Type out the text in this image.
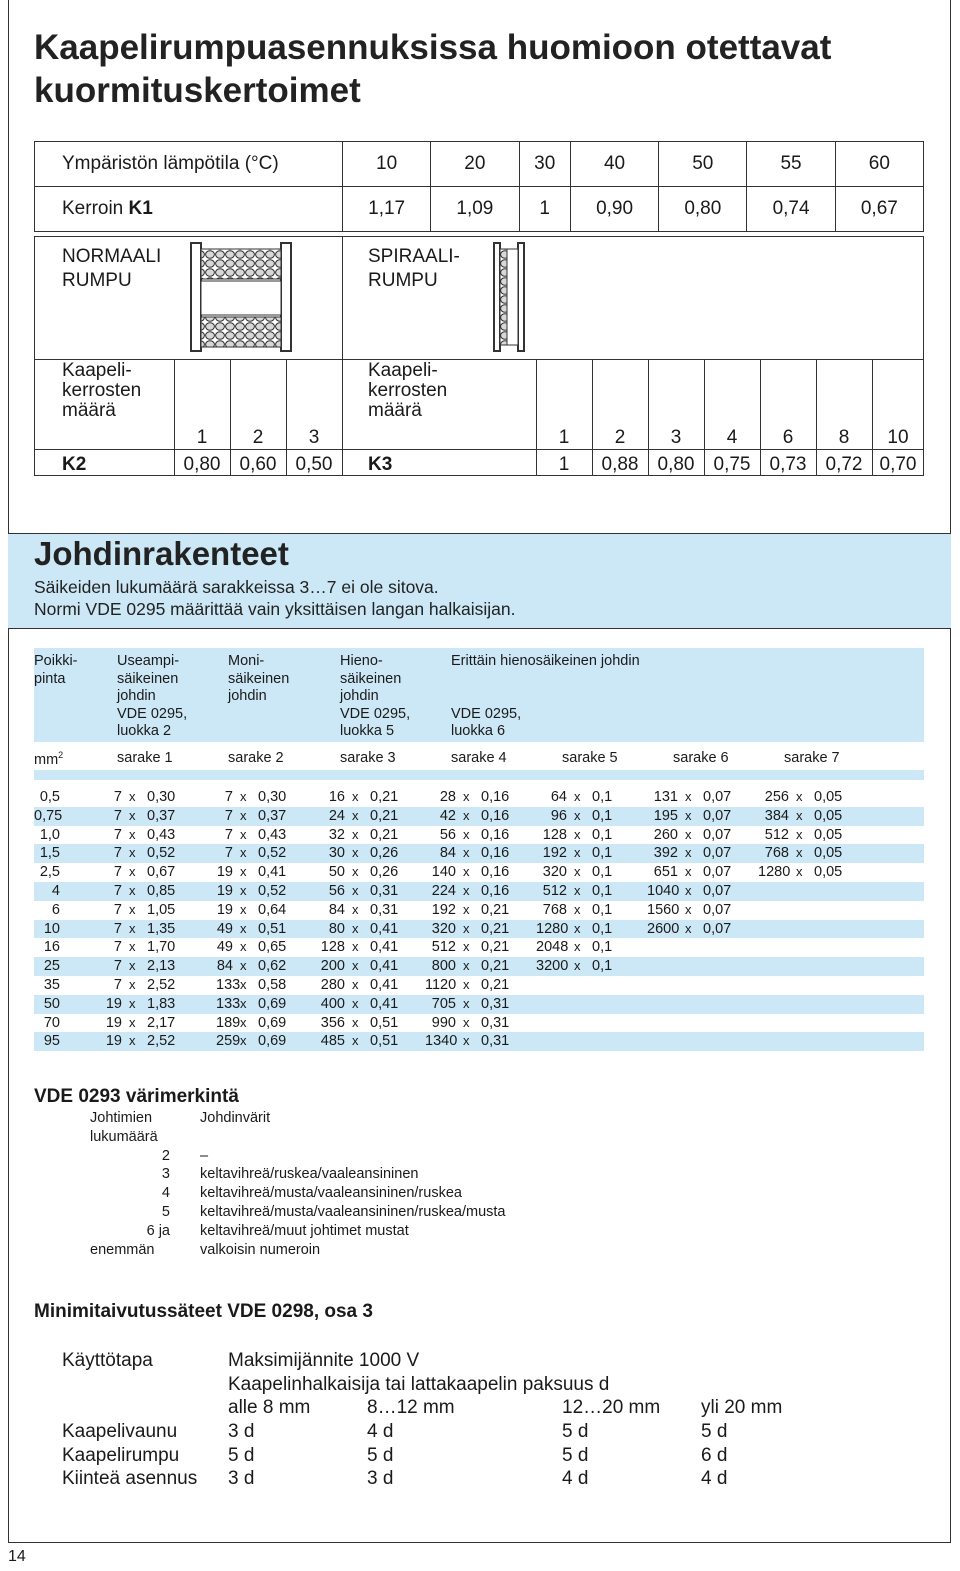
Kaapelirumpuasennuksissa huomioon otettavat kuormituskertoimet
Ympäristön lämpötila (°C)	10	20	30	40	50	55	60
Kerroin K1	1,17	1,09	1	0,90	0,80	0,74	0,67
NORMAALI
RUMPU
SPIRAALI-
RUMPU
Kaapeli-
kerrosten
määrä
Kaapeli-
kerrosten
määrä
1	2	3	1	2	3	4	6	8	10
K2	0,80	0,60	0,50	K3	1	0,88	0,80	0,75	0,73	0,72 0,70
Johdinrakenteet
Säikeiden lukumäärä sarakkeissa 3…7 ei ole sitova.
Normi VDE 0295 määrittää vain yksittäisen langan halkaisijan.
Poikki-
pinta
Useampi-
säikeinen
johdin
VDE 0295,
luokka 2
Moni-
säikeinen
johdin
Hieno-
säikeinen
johdin
VDE 0295,
luokka 5
Erittäin hienosäikeinen johdin
VDE 0295,
luokka 6
$mm^2$	sarake 1	sarake 2	sarake 3	sarake 4	sarake 5	sarake 6	sarake 7
0,5	7 x 0,30	7 x 0,30	16 x 0,21	28 x 0,16	64 x 0,1	131 x 0,07	256 x 0,05
0,75	7 x 0,37	7 x 0,37	24 x 0,21	42 x 0,16	96 x 0,1	195 x 0,07	384 x 0,05
1,0	7 x 0,43	7 x 0,43	32 x 0,21	56 x 0,16	128 x 0,1	260 x 0,07	512 x 0,05
1,5	7 x 0,52	7 x 0,52	30 x 0,26	84 x 0,16	192 x 0,1	392 x 0,07	768 x 0,05
2,5	7 x 0,67	19 x 0,41	50 x 0,26	140 x 0,16	320 x 0,1	651 x 0,07 1280 x 0,05
4	7 x 0,85	19 x 0,52	56 x 0,31	224 x 0,16	512 x 0,1 1040 x 0,07
6	7 x 1,05	19 x 0,64	84 x 0,31	192 x 0,21	768 x 0,1 1560 x 0,07
10	7 x 1,35	49 x 0,51	80 x 0,41	320 x 0,21 1280 x 0,1 2600 x 0,07
16	7 x 1,70	49 x 0,65	128 x 0,41	512 x 0,21 2048 x 0,1
25	7 x 2,13	84 x 0,62	200 x 0,41	800 x 0,21 3200 x 0,1
35	7 x 2,52	133 x 0,58	280 x 0,41 1120 x 0,21
50	19 x 1,83	133 x 0,69	400 x 0,41	705 x 0,31
70	19 x 2,17	189 x 0,69	356 x 0,51	990 x 0,31
95	19 x 2,52	259 x 0,69	485 x 0,51 1340 x 0,31
VDE 0293 värimerkintä
Johtimien	Johdinvärit
lukumäärä
2 –
3 keltavihreä/ruskea/vaaleansininen
4 keltavihreä/musta/vaaleansininen/ruskea
5 keltavihreä/musta/vaaleansininen/ruskea/musta
6 ja keltavihreä/muut johtimet mustat
enemmän	valkoisin numeroin
Minimitaivutussäteet VDE 0298, osa 3
Käyttötapa	Maksimijännite 1000 V
Kaapelinhalkaisija tai lattakaapelin paksuus d
alle 8 mm	8…12 mm	12…20 mm yli 20 mm
Kaapelivaunu	3 d	4 d	5 d	5 d
Kaapelirumpu	5 d	5 d	5 d	6 d
Kiinteä asennus 3 d	3 d	4 d	4 d
14
